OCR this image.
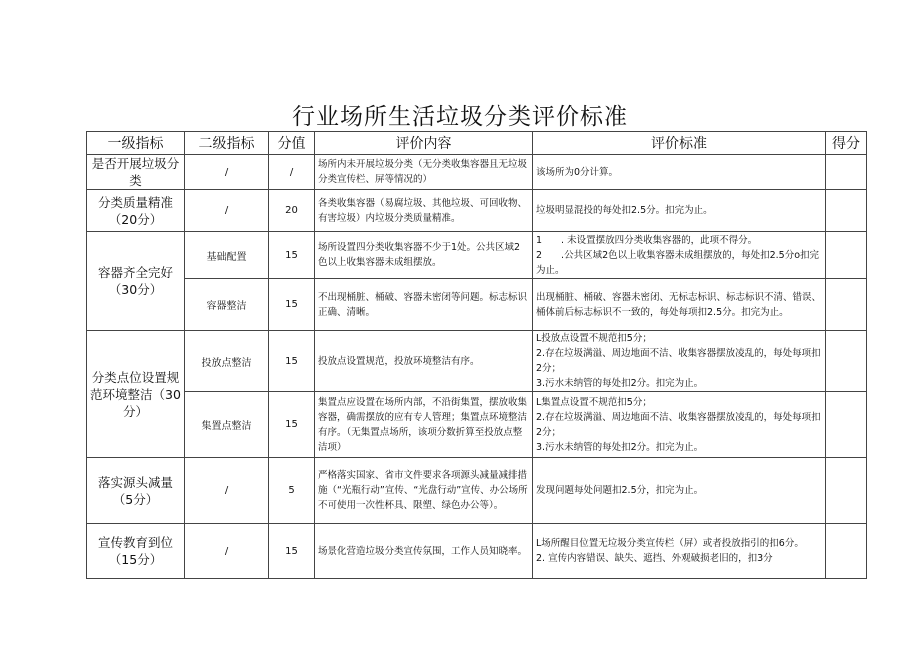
行业场所生活垃圾分类评价标准
一级指标	二级指标	分值	评价内容	评价标准	得分
是否开展垃圾分类	/	/	场所内未开展垃圾分类（无分类收集容器且无垃圾分类宣传栏、屏等情况的）	该场所为0分计算。	

分类质量精准（20分）	/	20	各类收集容器（易腐垃圾、其他垃圾、可回收物、有害垃圾）内垃圾分类质量精准。	垃圾明显混投的每处扣2.5分。扣完为止。	

容器齐全完好（30分）	基础配置	15	场所设置四分类收集容器不少于1处。公共区域2色以上收集容器未成组摆放。	1　　. 未设置摆放四分类收集容器的，此项不得分。
2　　.公共区域2色以上收集容器未成组摆放的，每处扣2.5分o扣完为止。	

	容器整洁	15	不出现桶脏、桶破、容器未密闭等问题。标志标识正确、清晰。	出现桶脏、桶破、容器未密闭、无标志标识、标志标识不清、错误、桶体前后标志标识不一致的，每处每项扣2.5分。扣完为止。	

分类点位设置规范环境整洁（30分）	投放点整洁	15	投放点设置规范，投放环境整洁有序。	L投放点设置不规范扣5分；
2.存在垃圾满溢、周边地面不洁、收集容器摆放凌乱的，每处每项扣2分；
3.污水未纳管的每处扣2分。扣完为止。	

	集置点整洁	15	集置点应设置在场所内部，不沿街集置，摆放收集容器，确需摆放的应有专人管理；集置点环境整洁有序。（无集置点场所，该项分数折算至投放点整洁项）	L集置点设置不规范扣5分；
2.存在垃圾满溢、周边地面不洁、收集容器摆放凌乱的，每处每项扣2分；
3.污水未纳管的每处扣2分。扣完为止。	

落实源头减量（5分）	/	5	严格落实国家、省市文件要求各项源头减量减排措施（“光瓶行动”宣传、“光盘行动”宣传、办公场所不可使用一次性杯具、限塑、绿色办公等）。	发现问题每处问题扣2.5分，扣完为止。	

宣传教育到位（15分）	/	15	场景化营造垃圾分类宣传氛围，工作人员知晓率。	L场所醒目位置无垃圾分类宣传栏（屏）或者投放指引的扣6分。
2. 宣传内容错误、缺失、遮挡、外观破损老旧的，扣3分	
